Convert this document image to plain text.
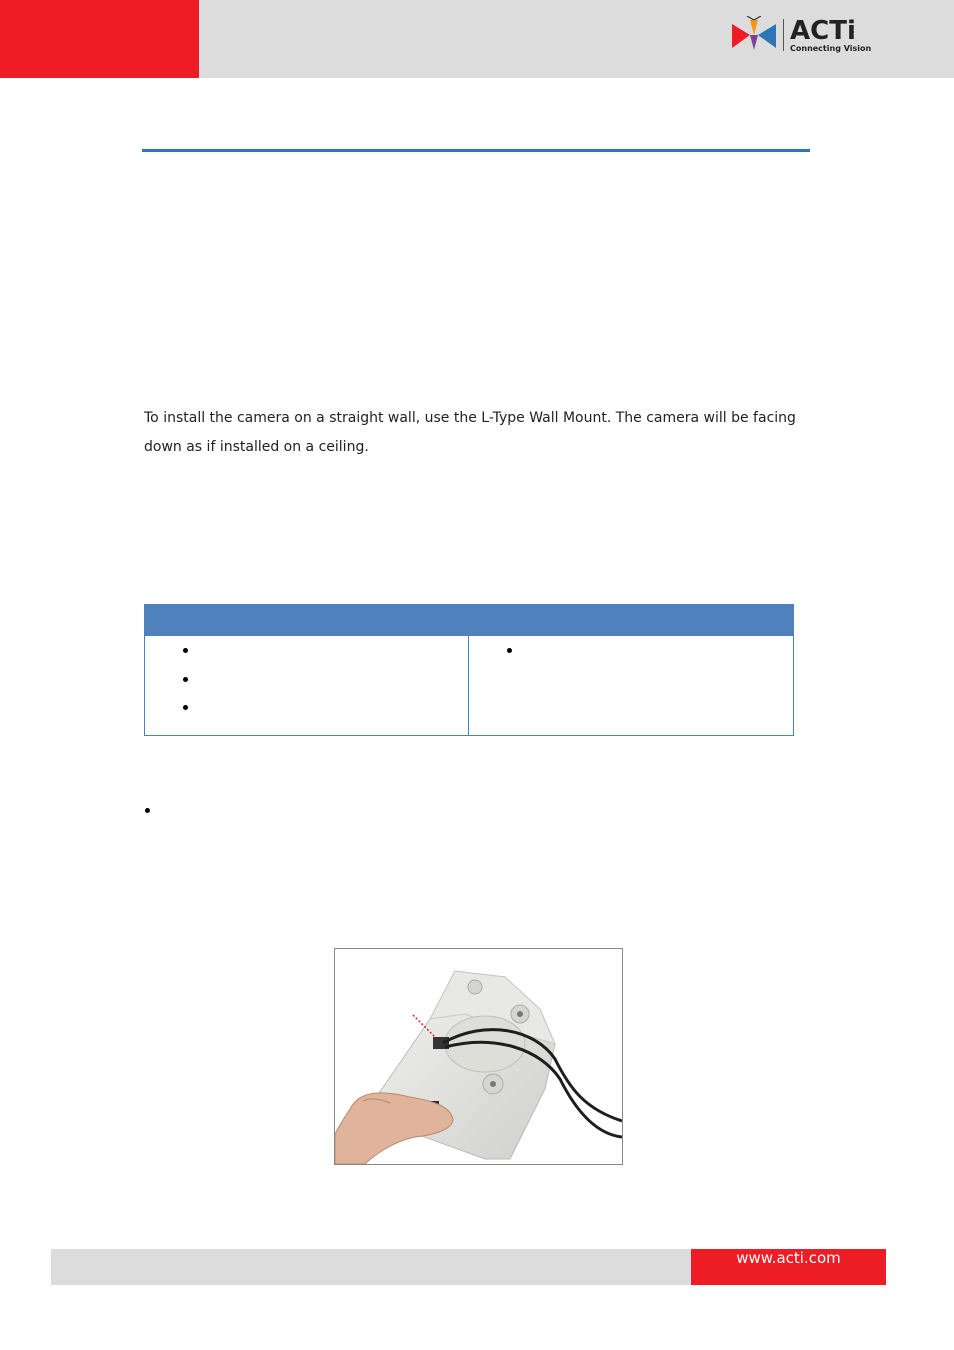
ACTi
Connecting Vision

To install the camera on a straight wall, use the L-Type Wall Mount. The camera will be facing down as if installed on a ceiling.

www.acti.com
